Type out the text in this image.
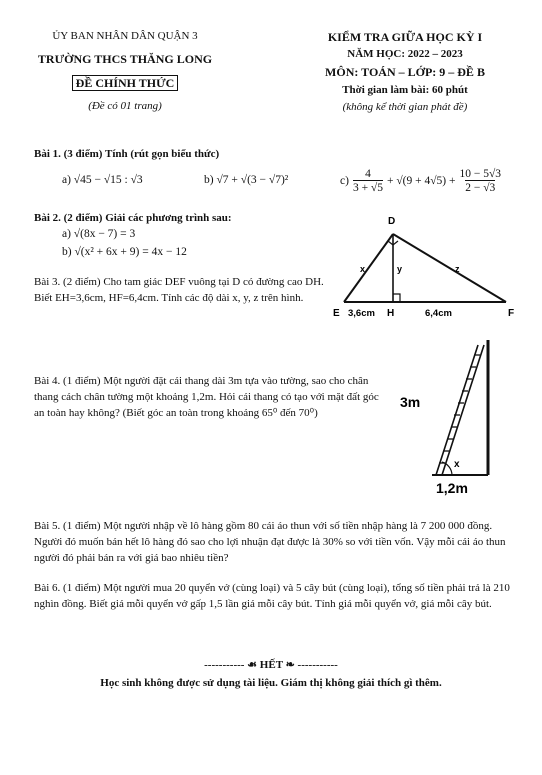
ỦY BAN NHÂN DÂN QUẬN 3
TRƯỜNG THCS THĂNG LONG
ĐỀ CHÍNH THỨC
(Đề có 01 trang)
KIỂM TRA GIỮA HỌC KỲ I
NĂM HỌC: 2022 – 2023
MÔN: TOÁN – LỚP: 9 – ĐỀ B
Thời gian làm bài: 60 phút
(không kể thời gian phát đề)
Bài 1. (3 điểm) Tính (rút gọn biểu thức)
a) √45 − √15 : √3	b) √7 + √(3 − √7)²	$c) \frac{4}{3 + √5} + √(9 + 4√5) + \frac{10 - 5√3}{2 - √3}$
Bài 2. (2 điểm) Giải các phương trình sau:
a) √(8x − 7) = 3
b) √(x² + 6x + 9) = 4x − 12
Bài 3. (2 điểm) Cho tam giác DEF vuông tại D có đường cao DH. Biết EH=3,6cm, HF=6,4cm. Tính các độ dài x, y, z trên hình.
D
E	H	F
x	y	z
3,6cm	6,4cm
Bài 4. (1 điểm) Một người đặt cái thang dài 3m tựa vào tường, sao cho chân thang cách chân tường một khoảng 1,2m. Hỏi cái thang có tạo với mặt đất góc an toàn hay không? (Biết góc an toàn trong khoảng 65⁰ đến 70⁰)
3m
x
1,2m
Bài 5. (1 điểm) Một người nhập về lô hàng gồm 80 cái áo thun với số tiền nhập hàng là 7 200 000 đồng. Người đó muốn bán hết lô hàng đó sao cho lợi nhuận đạt được là 30% so với tiền vốn. Vậy mỗi cái áo thun người đó phải bán ra với giá bao nhiêu tiền?
Bài 6. (1 điểm) Một người mua 20 quyển vở (cùng loại) và 5 cây bút (cùng loại), tổng số tiền phải trả là 210 nghìn đồng. Biết giá mỗi quyển vở gấp 1,5 lần giá mỗi cây bút. Tính giá mỗi quyển vở, giá mỗi cây bút.
----------- ☙ HẾT ❧ -----------
Học sinh không được sử dụng tài liệu. Giám thị không giải thích gì thêm.
